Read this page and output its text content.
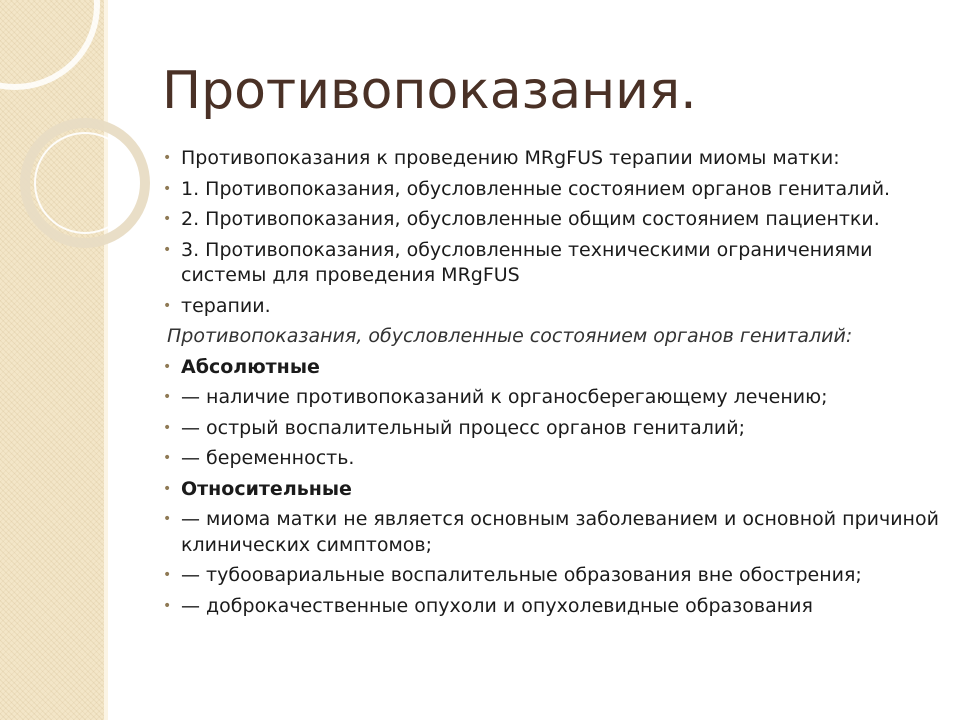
Противопоказания.
• Противопоказания к проведению MRgFUS терапии миомы матки:
• 1. Противопоказания, обусловленные состоянием органов гениталий.
• 2. Противопоказания, обусловленные общим состоянием пациентки.
• 3. Противопоказания, обусловленные техническими ограничениями системы для проведения MRgFUS
• терапии.
Противопоказания, обусловленные состоянием органов гениталий:
• Абсолютные
• — наличие противопоказаний к органосберегающему лечению;
• — острый воспалительный процесс органов гениталий;
• — беременность.
• Относительные
• — миома матки не является основным заболеванием и основной причиной клинических симптомов;
• — тубоовариальные воспалительные образования вне обострения;
• — доброкачественные опухоли и опухолевидные образования
